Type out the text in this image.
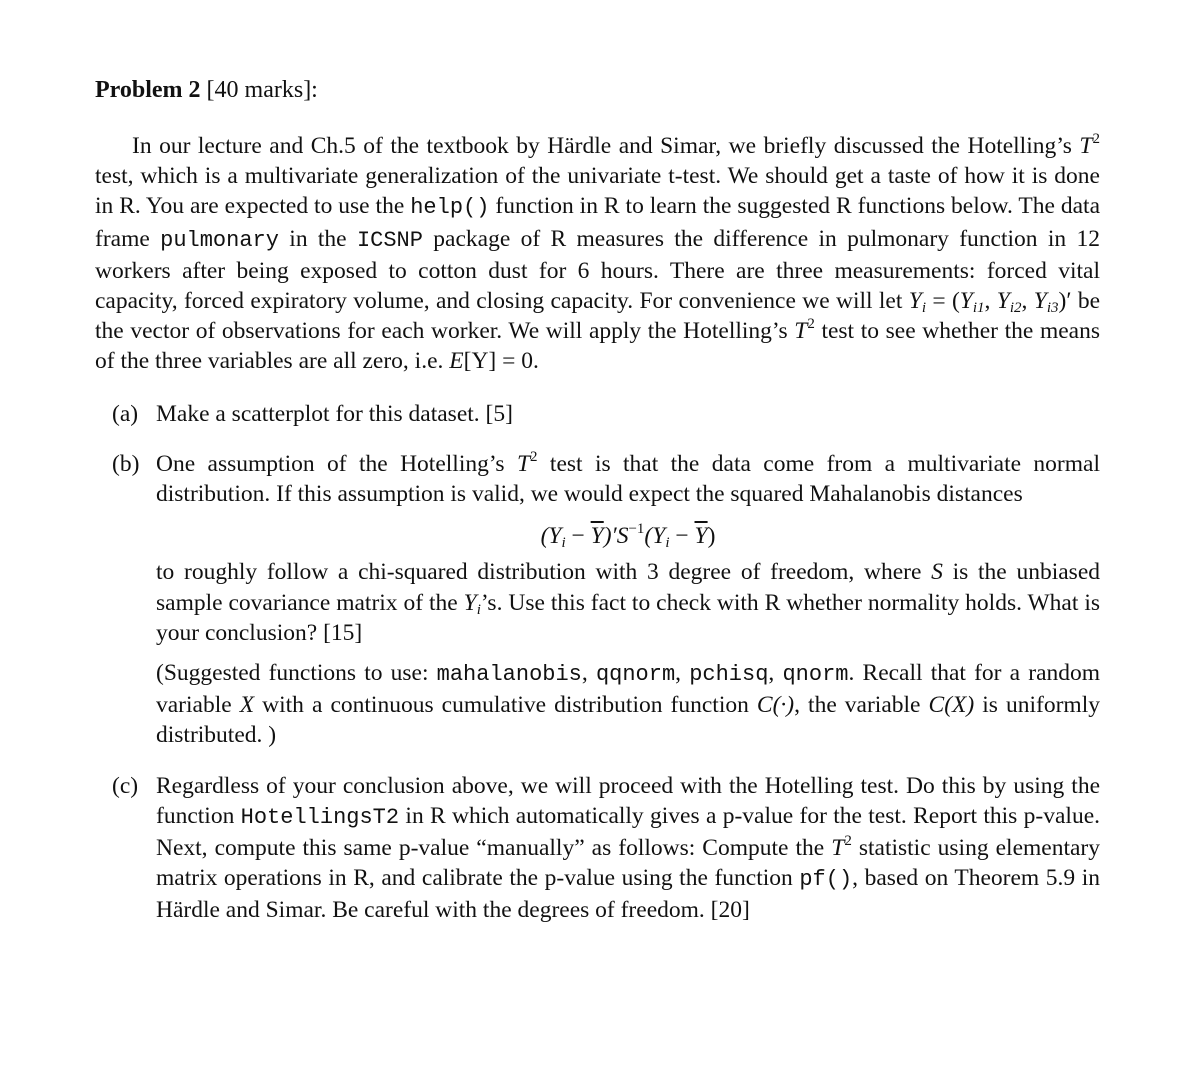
Problem 2 [40 marks]:

In our lecture and Ch.5 of the textbook by Härdle and Simar, we briefly discussed the Hotelling’s $T^2$ test, which is a multivariate generalization of the univariate t-test. We should get a taste of how it is done in R. You are expected to use the help() function in R to learn the suggested R functions below. The data frame pulmonary in the ICSNP package of R measures the difference in pulmonary function in 12 workers after being exposed to cotton dust for 6 hours. There are three measurements: forced vital capacity, forced expiratory volume, and closing capacity. For convenience we will let $Y_i = (Y_{i1}$, $Y_{i2}$, $Y_{i3})'$ be the vector of observations for each worker. We will apply the Hotelling’s $T^2$ test to see whether the means of the three variables are all zero, i.e. E[Y] = 0.

(a) Make a scatterplot for this dataset. [5]

(b) One assumption of the Hotelling’s $T^2$ test is that the data come from a multivariate normal distribution. If this assumption is valid, we would expect the squared Mahalanobis distances

$(Y_i - \overline{Y})'S^{-1}(Y_i - \overline{Y})$

to roughly follow a chi-squared distribution with 3 degree of freedom, where S is the unbiased sample covariance matrix of the $Y_i’s$. Use this fact to check with R whether normality holds. What is your conclusion? [15]

(Suggested functions to use: mahalanobis, qqnorm, pchisq, qnorm. Recall that for a random variable X with a continuous cumulative distribution function C(·), the variable C(X) is uniformly distributed. )

(c) Regardless of your conclusion above, we will proceed with the Hotelling test. Do this by using the function HotellingsT2 in R which automatically gives a p-value for the test. Report this p-value. Next, compute this same p-value “manually” as follows: Compute the $T^2$ statistic using elementary matrix operations in R, and calibrate the p-value using the function pf(), based on Theorem 5.9 in Härdle and Simar. Be careful with the degrees of freedom. [20]
